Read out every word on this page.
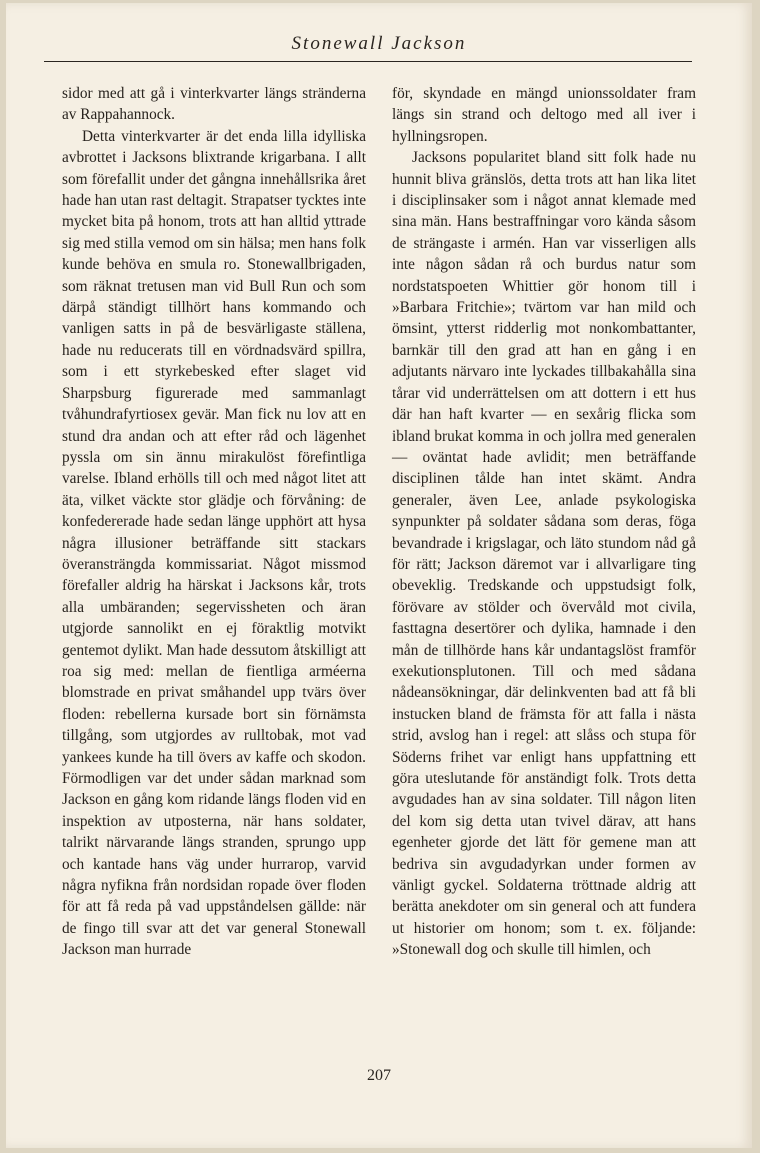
Stonewall Jackson

sidor med att gå i vinterkvarter längs stränderna av Rappahannock.

Detta vinterkvarter är det enda lilla idylliska avbrottet i Jacksons blixtrande krigarbana. I allt som förefallit under det gångna innehållsrika året hade han utan rast deltagit. Strapatser tycktes inte mycket bita på honom, trots att han alltid yttrade sig med stilla vemod om sin hälsa; men hans folk kunde behöva en smula ro. Stonewallbrigaden, som räknat tretusen man vid Bull Run och som därpå ständigt tillhört hans kommando och vanligen satts in på de besvärligaste ställena, hade nu reducerats till en vördnadsvärd spillra, som i ett styrkebesked efter slaget vid Sharpsburg figurerade med sammanlagt tvåhundrafyrtiosex gevär. Man fick nu lov att en stund dra andan och att efter råd och lägenhet pyssla om sin ännu mirakulöst förefintliga varelse. Ibland erhölls till och med något litet att äta, vilket väckte stor glädje och förvåning: de konfedererade hade sedan länge upphört att hysa några illusioner beträffande sitt stackars överansträngda kommissariat. Något missmod förefaller aldrig ha härskat i Jacksons kår, trots alla umbäranden; segervissheten och äran utgjorde sannolikt en ej föraktlig motvikt gentemot dylikt. Man hade dessutom åtskilligt att roa sig med: mellan de fientliga arméerna blomstrade en privat småhandel upp tvärs över floden: rebellerna kursade bort sin förnämsta tillgång, som utgjordes av rulltobak, mot vad yankees kunde ha till övers av kaffe och skodon. Förmodligen var det under sådan marknad som Jackson en gång kom ridande längs floden vid en inspektion av utposterna, när hans soldater, talrikt närvarande längs stranden, sprungo upp och kantade hans väg under hurrarop, varvid några nyfikna från nordsidan ropade över floden för att få reda på vad uppståndelsen gällde: när de fingo till svar att det var general Stonewall Jackson man hurrade

för, skyndade en mängd unionssoldater fram längs sin strand och deltogo med all iver i hyllningsropen.

Jacksons popularitet bland sitt folk hade nu hunnit bliva gränslös, detta trots att han lika litet i disciplinsaker som i något annat klemade med sina män. Hans bestraffningar voro kända såsom de strängaste i armén. Han var visserligen alls inte någon sådan rå och burdus natur som nordstatspoeten Whittier gör honom till i »Barbara Fritchie»; tvärtom var han mild och ömsint, ytterst ridderlig mot nonkombattanter, barnkär till den grad att han en gång i en adjutants närvaro inte lyckades tillbakahålla sina tårar vid underrättelsen om att dottern i ett hus där han haft kvarter — en sexårig flicka som ibland brukat komma in och jollra med generalen — oväntat hade avlidit; men beträffande disciplinen tålde han intet skämt. Andra generaler, även Lee, anlade psykologiska synpunkter på soldater sådana som deras, föga bevandrade i krigslagar, och läto stundom nåd gå för rätt; Jackson däremot var i allvarligare ting obeveklig. Tredskande och uppstudsigt folk, förövare av stölder och övervåld mot civila, fasttagna desertörer och dylika, hamnade i den mån de tillhörde hans kår undantagslöst framför exekutionsplutonen. Till och med sådana nådeansökningar, där delinkventen bad att få bli instucken bland de främsta för att falla i nästa strid, avslog han i regel: att slåss och stupa för Söderns frihet var enligt hans uppfattning ett göra uteslutande för anständigt folk. Trots detta avgudades han av sina soldater. Till någon liten del kom sig detta utan tvivel därav, att hans egenheter gjorde det lätt för gemene man att bedriva sin avgudadyrkan under formen av vänligt gyckel. Soldaterna tröttnade aldrig att berätta anekdoter om sin general och att fundera ut historier om honom; som t. ex. följande: »Stonewall dog och skulle till himlen, och

207
